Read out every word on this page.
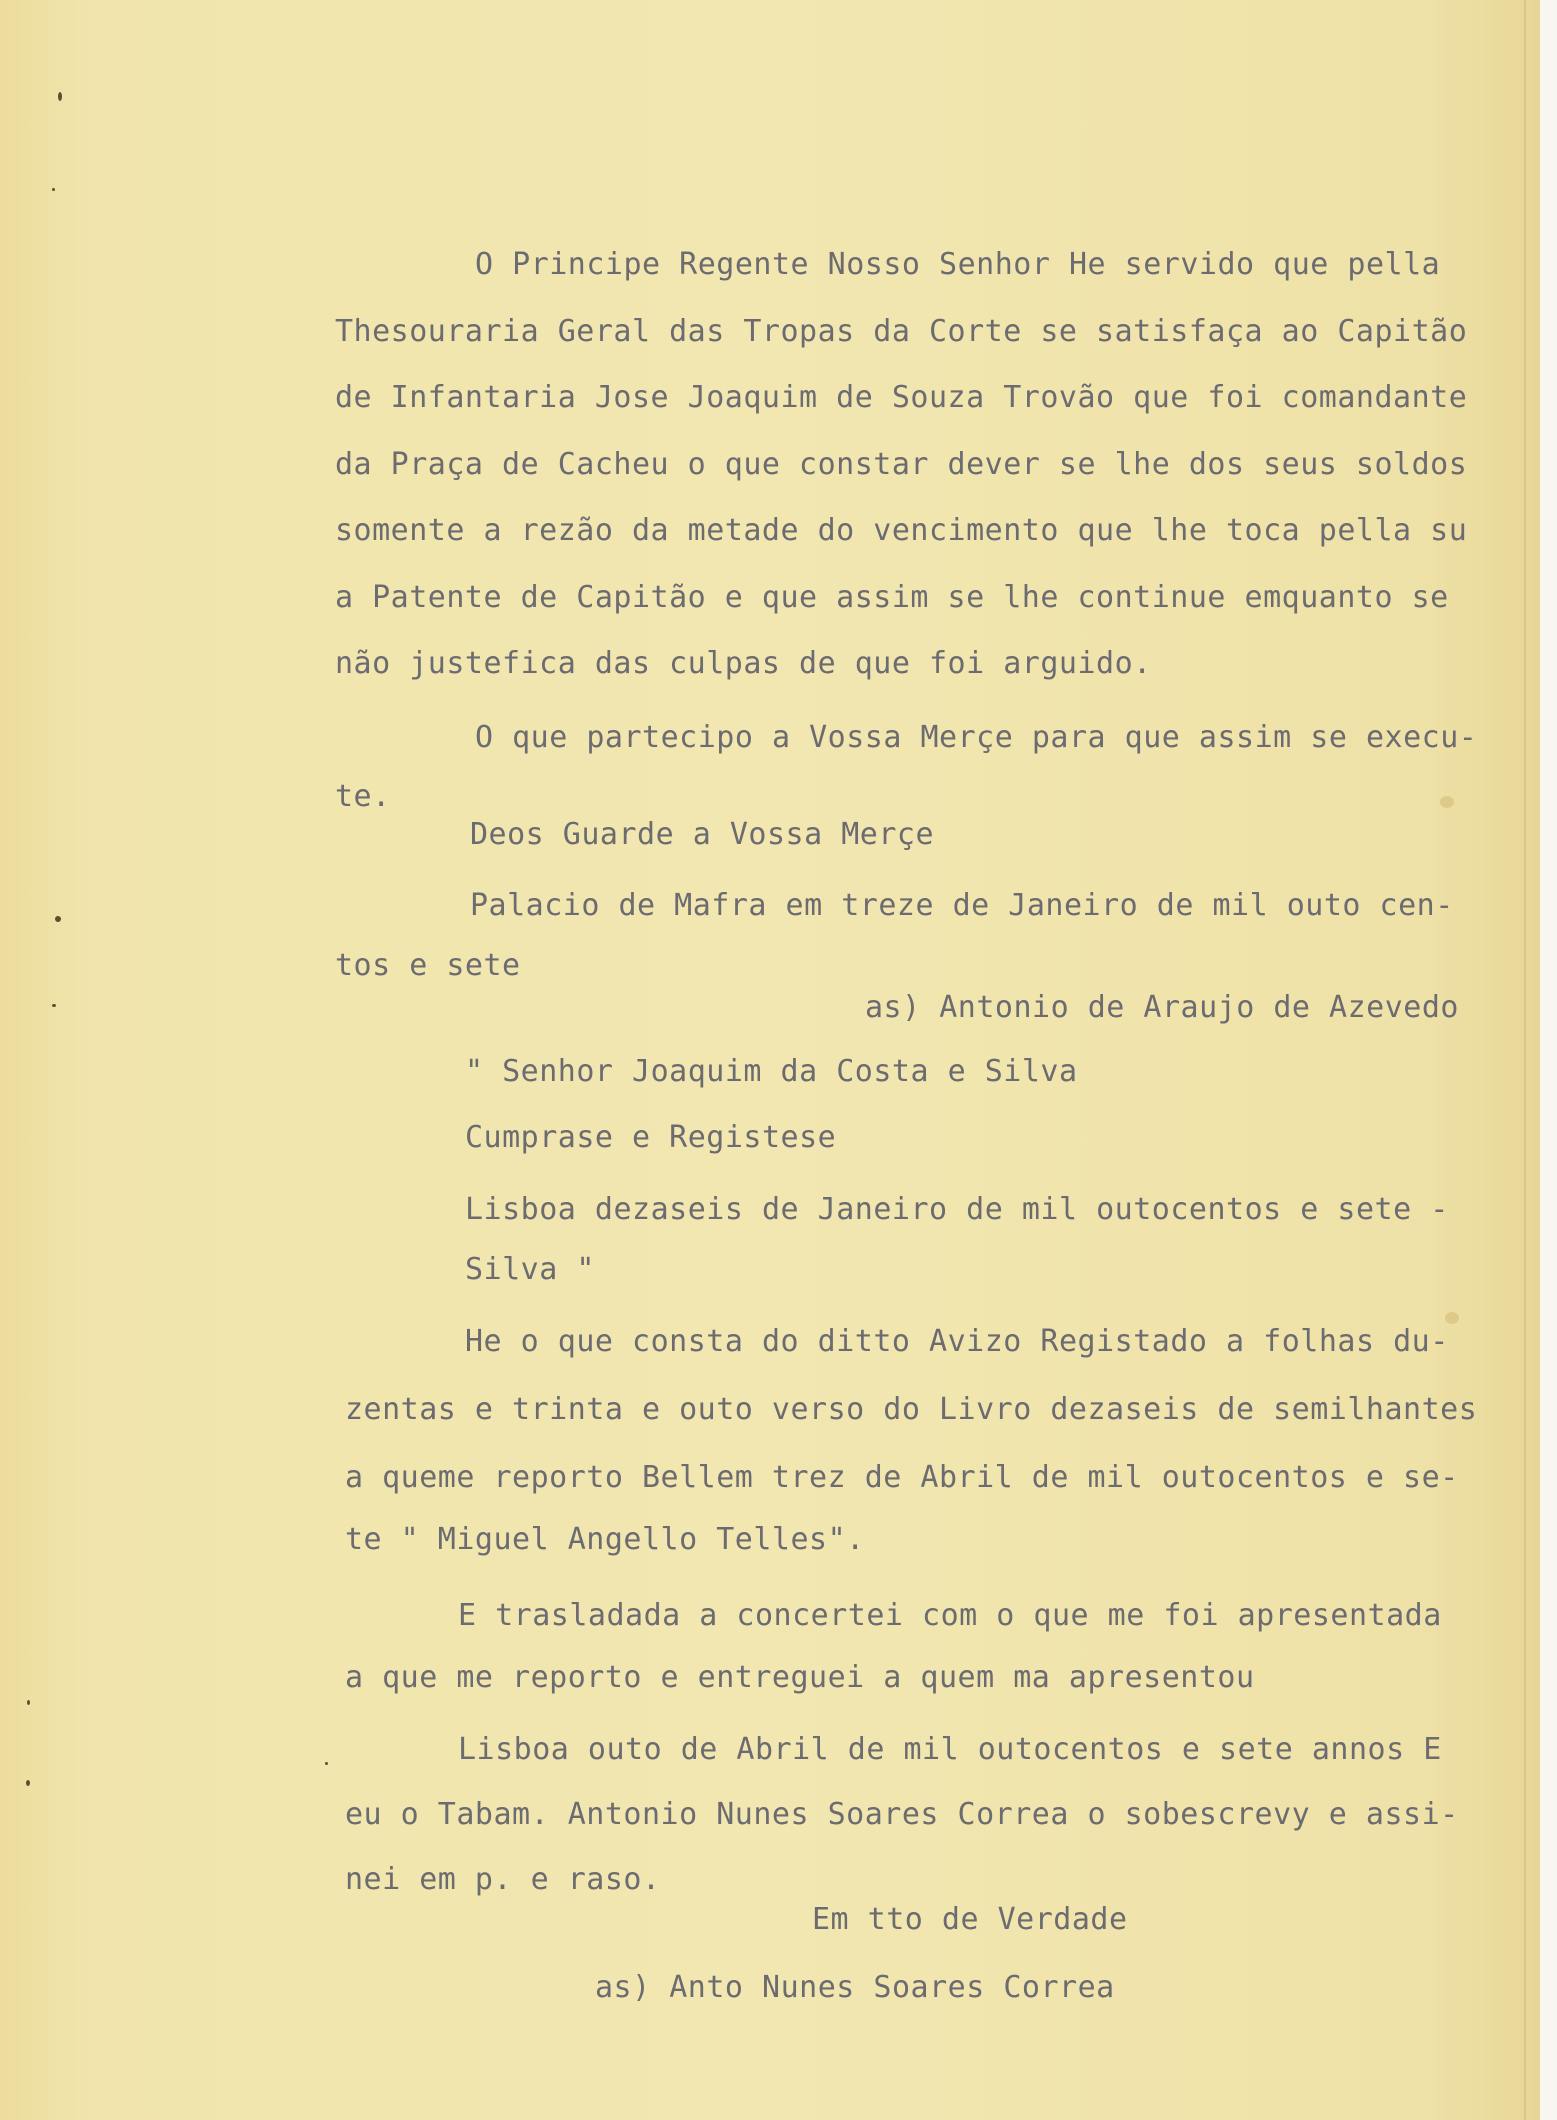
O Principe Regente Nosso Senhor He servido que pella
Thesouraria Geral das Tropas da Corte se satisfaça ao Capitão
de Infantaria Jose Joaquim de Souza Trovão que foi comandante
da Praça de Cacheu o que constar dever se lhe dos seus soldos
somente a rezão da metade do vencimento que lhe toca pella su
a Patente de Capitão e que assim se lhe continue emquanto se
não justefica das culpas de que foi arguido.
O que partecipo a Vossa Merçe para que assim se execu-
te.
Deos Guarde a Vossa Merçe
Palacio de Mafra em treze de Janeiro de mil outo cen-
tos e sete
as) Antonio de Araujo de Azevedo
" Senhor Joaquim da Costa e Silva
Cumprase e Registese
Lisboa dezaseis de Janeiro de mil outocentos e sete -
Silva "
He o que consta do ditto Avizo Registado a folhas du-
zentas e trinta e outo verso do Livro dezaseis de semilhantes
a queme reporto Bellem trez de Abril de mil outocentos e se-
te " Miguel Angello Telles".
E trasladada a concertei com o que me foi apresentada
a que me reporto e entreguei a quem ma apresentou
Lisboa outo de Abril de mil outocentos e sete annos E
eu o Tabam. Antonio Nunes Soares Correa o sobescrevy e assi-
nei em p. e raso.
Em tto de Verdade
as) Anto Nunes Soares Correa
